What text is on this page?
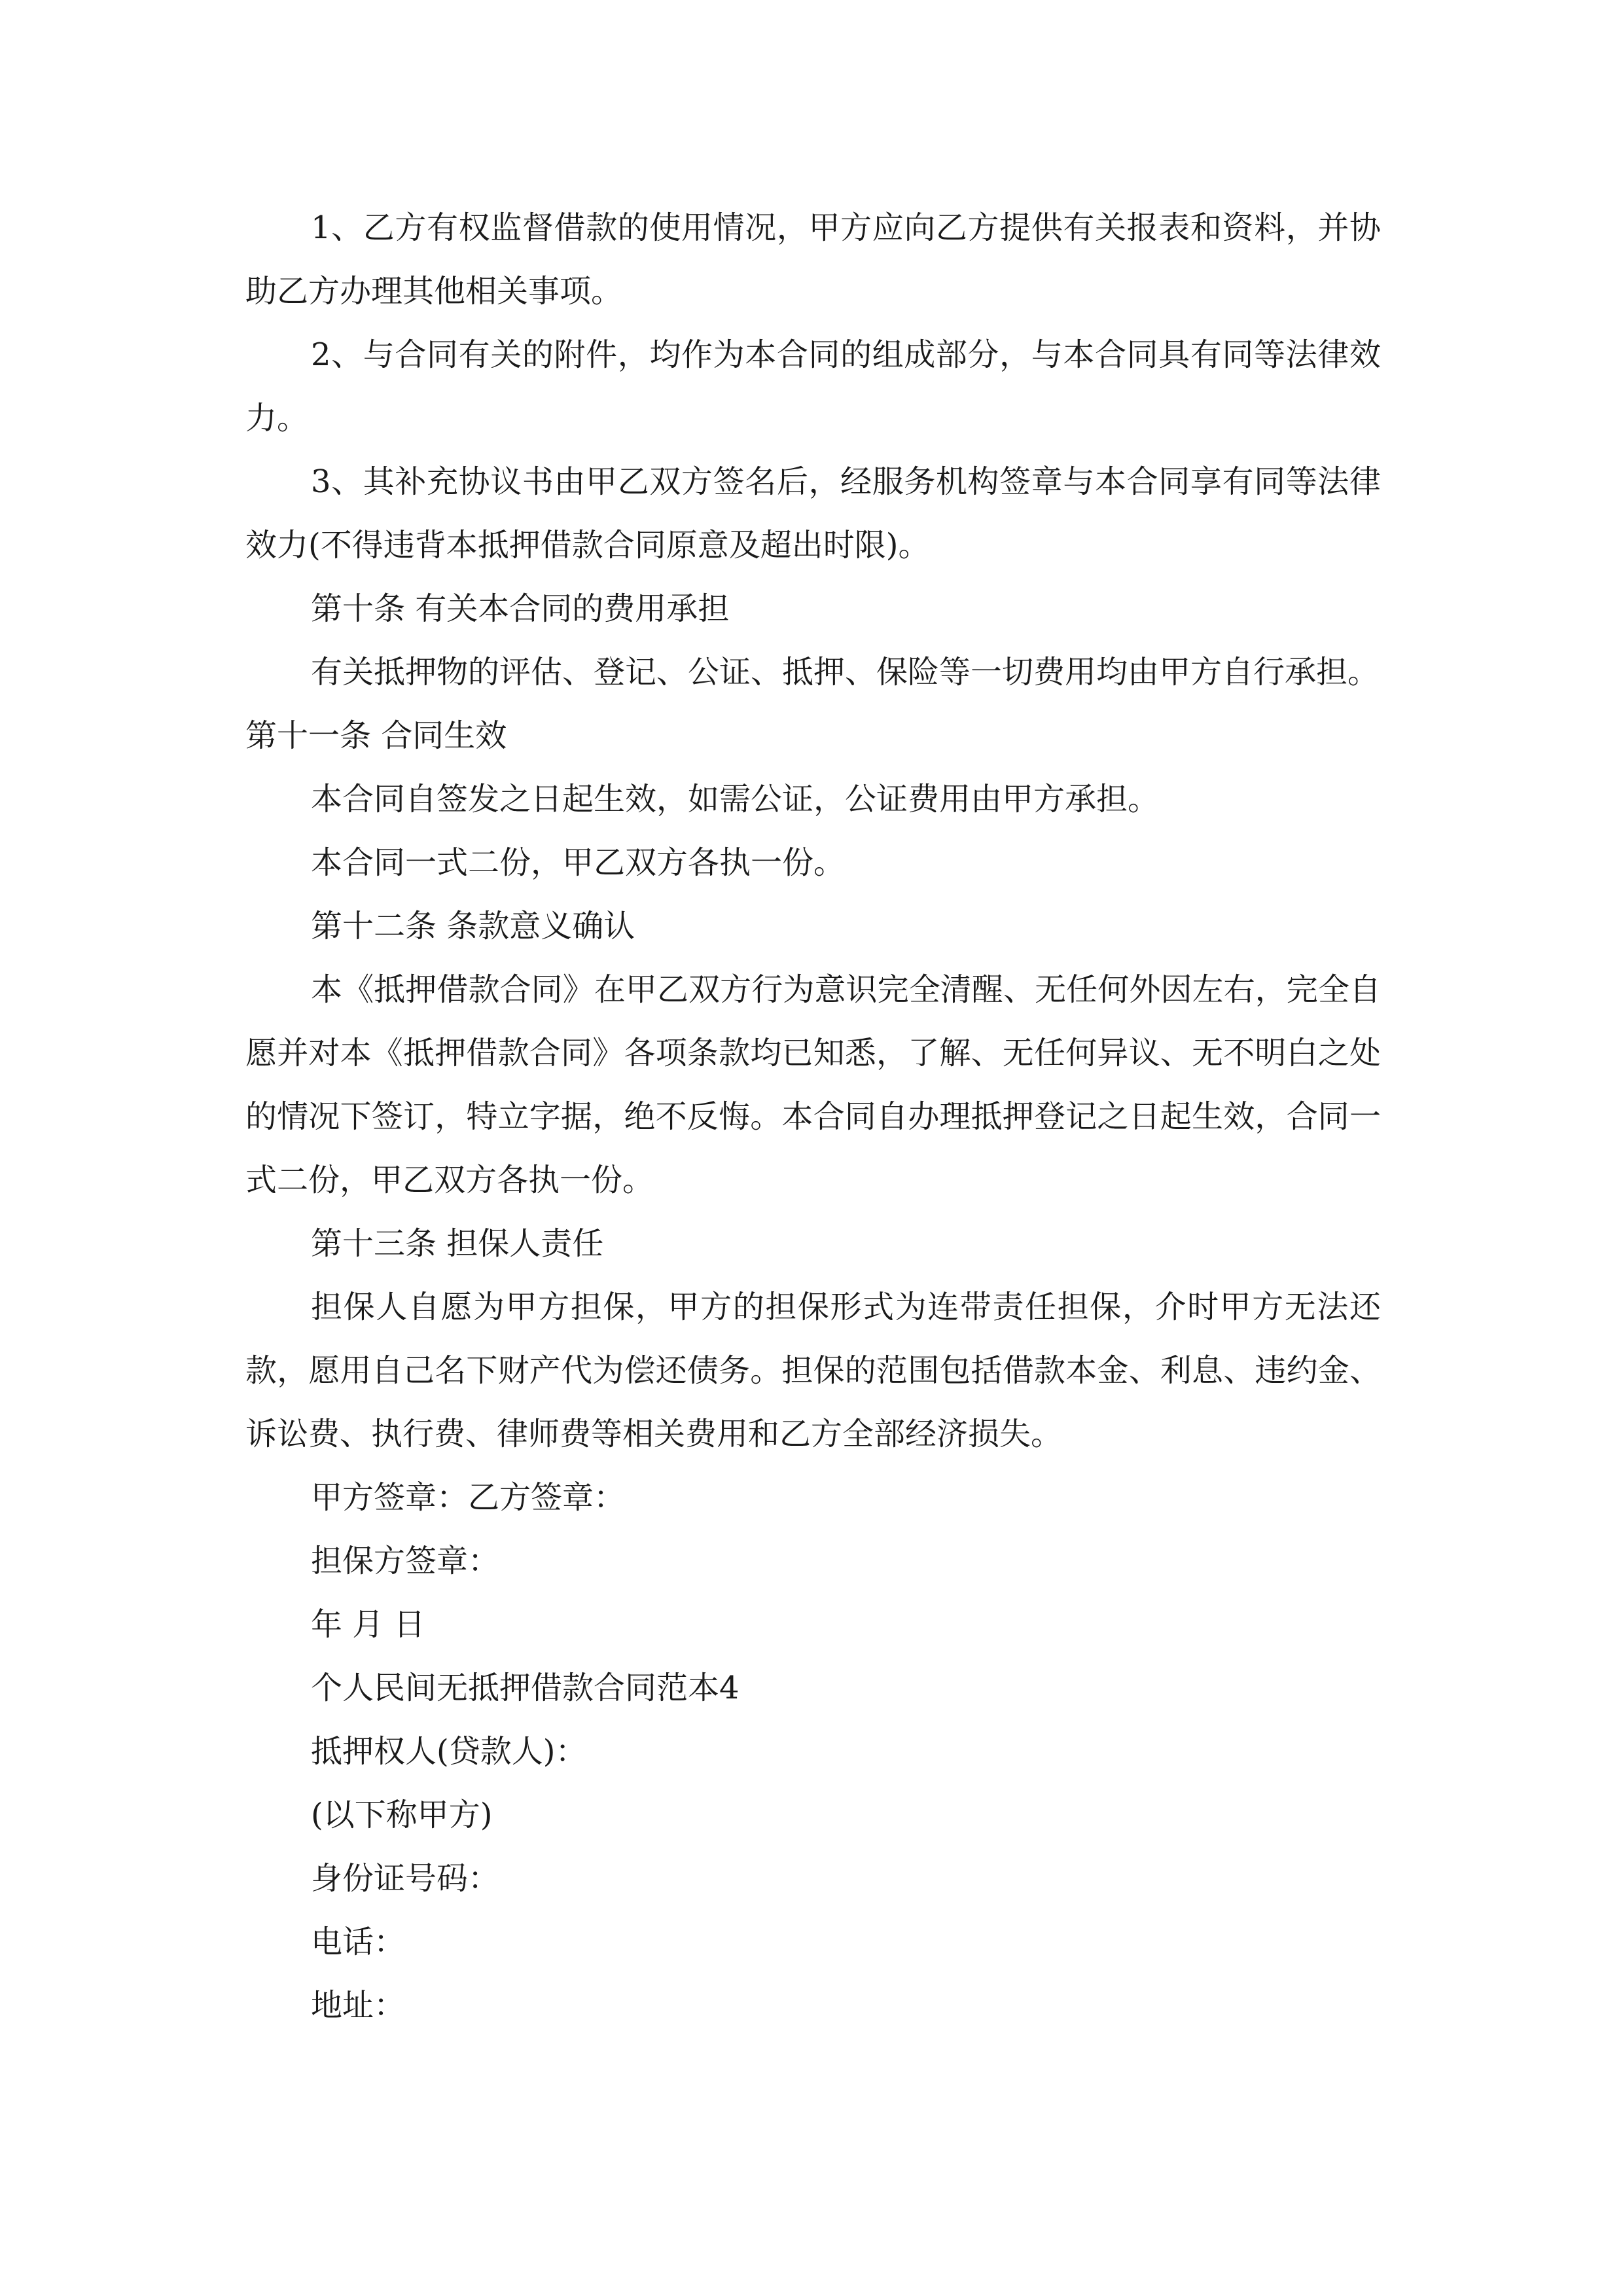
1、乙方有权监督借款的使用情况，甲方应向乙方提供有关报表和资料，并协助乙方办理其他相关事项。

2、与合同有关的附件，均作为本合同的组成部分，与本合同具有同等法律效力。

3、其补充协议书由甲乙双方签名后，经服务机构签章与本合同享有同等法律效力(不得违背本抵押借款合同原意及超出时限)。

第十条 有关本合同的费用承担

有关抵押物的评估、登记、公证、抵押、保险等一切费用均由甲方自行承担。

第十一条 合同生效

本合同自签发之日起生效，如需公证，公证费用由甲方承担。

本合同一式二份，甲乙双方各执一份。

第十二条 条款意义确认

本《抵押借款合同》在甲乙双方行为意识完全清醒、无任何外因左右，完全自愿并对本《抵押借款合同》各项条款均已知悉，了解、无任何异议、无不明白之处的情况下签订，特立字据，绝不反悔。本合同自办理抵押登记之日起生效，合同一式二份，甲乙双方各执一份。

第十三条 担保人责任

担保人自愿为甲方担保，甲方的担保形式为连带责任担保，介时甲方无法还款，愿用自己名下财产代为偿还债务。担保的范围包括借款本金、利息、违约金、诉讼费、执行费、律师费等相关费用和乙方全部经济损失。

甲方签章：乙方签章：

担保方签章：

年 月 日

个人民间无抵押借款合同范本4

抵押权人(贷款人)：

(以下称甲方)

身份证号码：

电话：

地址：
